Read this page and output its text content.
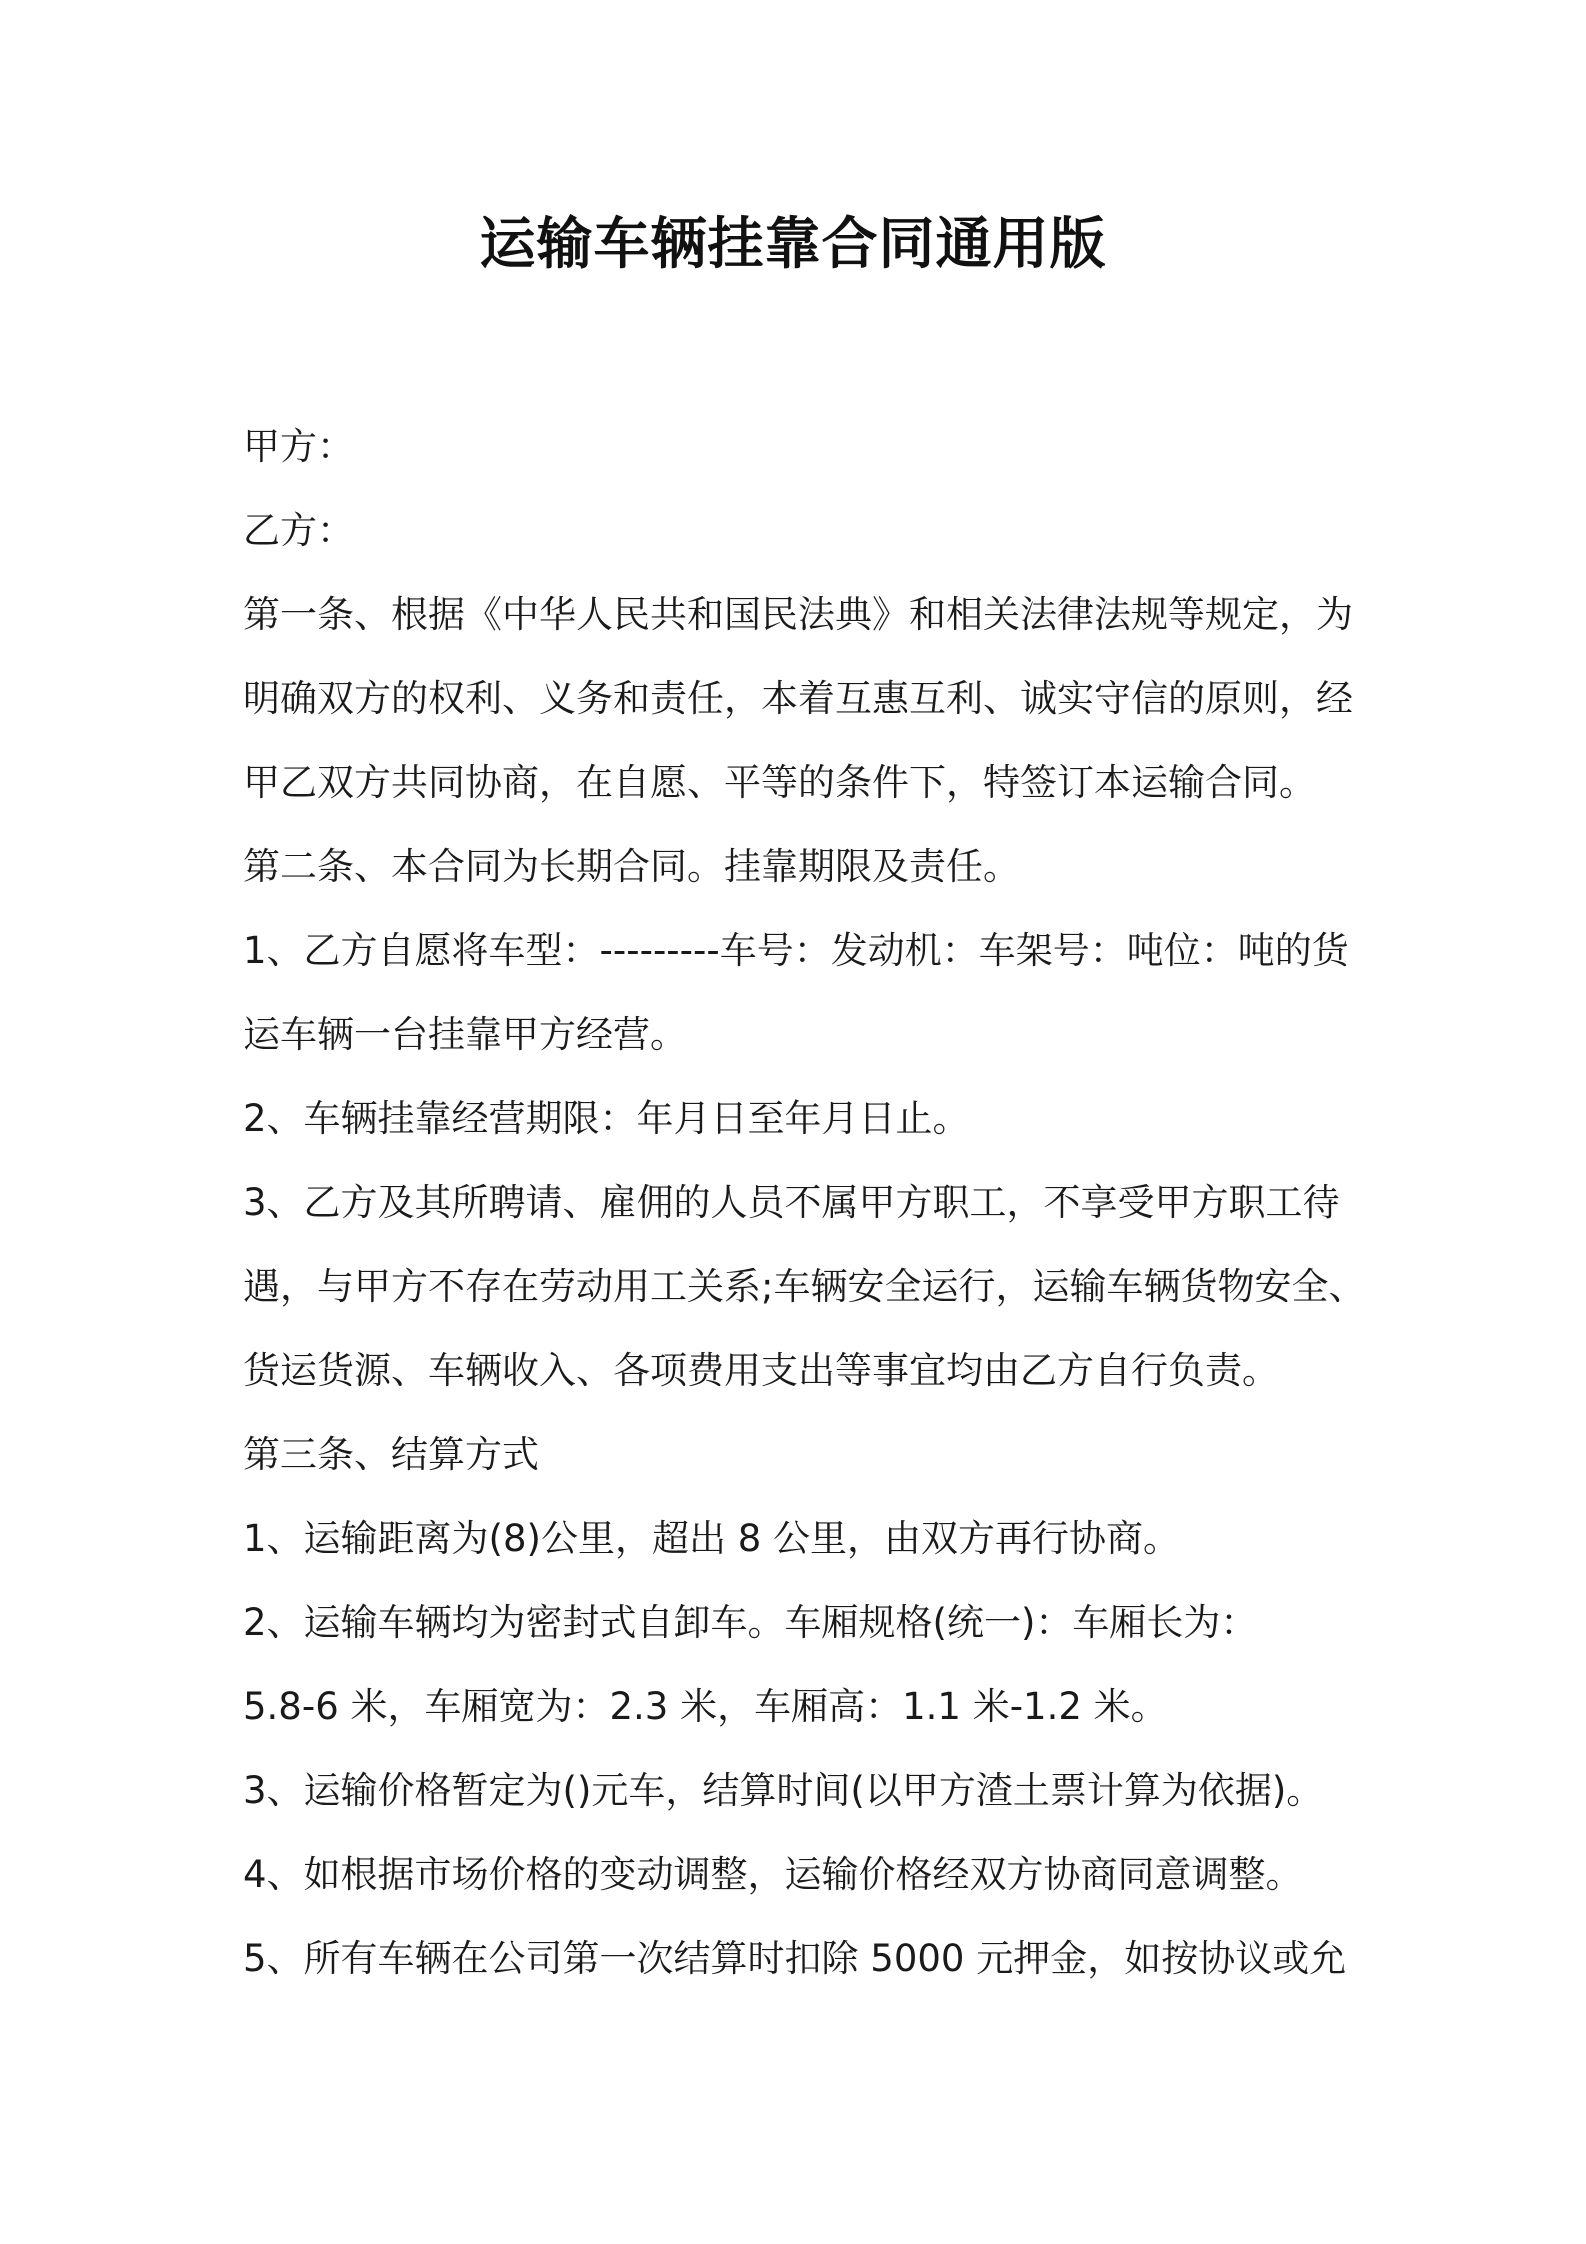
运输车辆挂靠合同通用版
甲方：
乙方：
第一条、根据《中华人民共和国民法典》和相关法律法规等规定，为
明确双方的权利、义务和责任，本着互惠互利、诚实守信的原则，经
甲乙双方共同协商，在自愿、平等的条件下，特签订本运输合同。
第二条、本合同为长期合同。挂靠期限及责任。
1、乙方自愿将车型：---------车号：发动机：车架号：吨位：吨的货
运车辆一台挂靠甲方经营。
2、车辆挂靠经营期限：年月日至年月日止。
3、乙方及其所聘请、雇佣的人员不属甲方职工，不享受甲方职工待
遇，与甲方不存在劳动用工关系;车辆安全运行，运输车辆货物安全、
货运货源、车辆收入、各项费用支出等事宜均由乙方自行负责。
第三条、结算方式
1、运输距离为(8)公里，超出 8 公里，由双方再行协商。
2、运输车辆均为密封式自卸车。车厢规格(统一)：车厢长为：
5.8-6 米，车厢宽为：2.3 米，车厢高：1.1 米-1.2 米。
3、运输价格暂定为()元车，结算时间(以甲方渣土票计算为依据)。
4、如根据市场价格的变动调整，运输价格经双方协商同意调整。
5、所有车辆在公司第一次结算时扣除 5000 元押金，如按协议或允
